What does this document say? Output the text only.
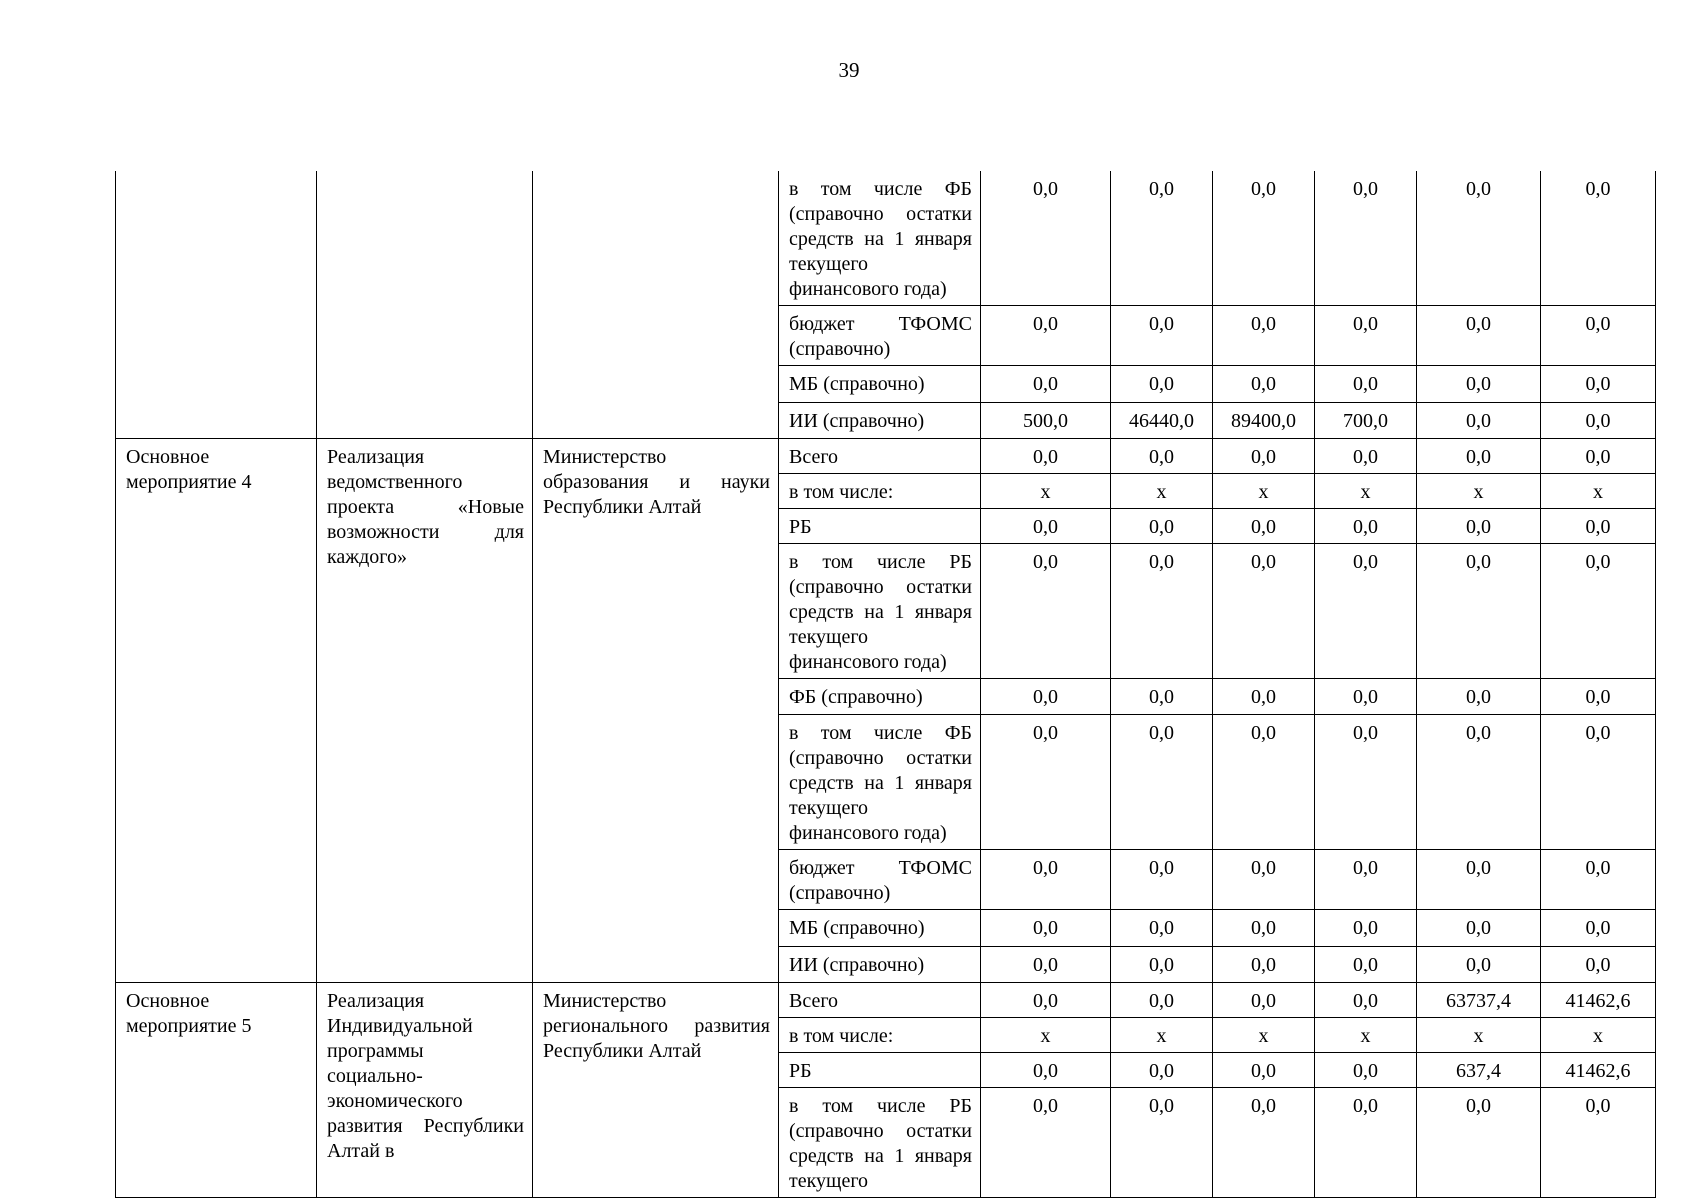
39
			в том числе ФБ (справочно остатки средств на 1 января текущего финансового года)	0,0	0,0	0,0	0,0	0,0	0,0
			бюджет ТФОМС (справочно)	0,0	0,0	0,0	0,0	0,0	0,0
			МБ (справочно)	0,0	0,0	0,0	0,0	0,0	0,0
			ИИ (справочно)	500,0	46440,0	89400,0	700,0	0,0	0,0
Основное мероприятие 4	Реализация ведомственного проекта «Новые возможности для каждого»	Министерство образования и науки Республики Алтай	Всего	0,0	0,0	0,0	0,0	0,0	0,0
			в том числе:	x	x	x	x	x	x
			РБ	0,0	0,0	0,0	0,0	0,0	0,0
			в том числе РБ (справочно остатки средств на 1 января текущего финансового года)	0,0	0,0	0,0	0,0	0,0	0,0
			ФБ (справочно)	0,0	0,0	0,0	0,0	0,0	0,0
			в том числе ФБ (справочно остатки средств на 1 января текущего финансового года)	0,0	0,0	0,0	0,0	0,0	0,0
			бюджет ТФОМС (справочно)	0,0	0,0	0,0	0,0	0,0	0,0
			МБ (справочно)	0,0	0,0	0,0	0,0	0,0	0,0
			ИИ (справочно)	0,0	0,0	0,0	0,0	0,0	0,0
Основное мероприятие 5	Реализация Индивидуальной программы социально-экономического развития Республики Алтай в	Министерство регионального развития Республики Алтай	Всего	0,0	0,0	0,0	0,0	63737,4	41462,6
			в том числе:	x	x	x	x	x	x
			РБ	0,0	0,0	0,0	0,0	637,4	41462,6
			в том числе РБ (справочно остатки средств на 1 января текущего	0,0	0,0	0,0	0,0	0,0	0,0
